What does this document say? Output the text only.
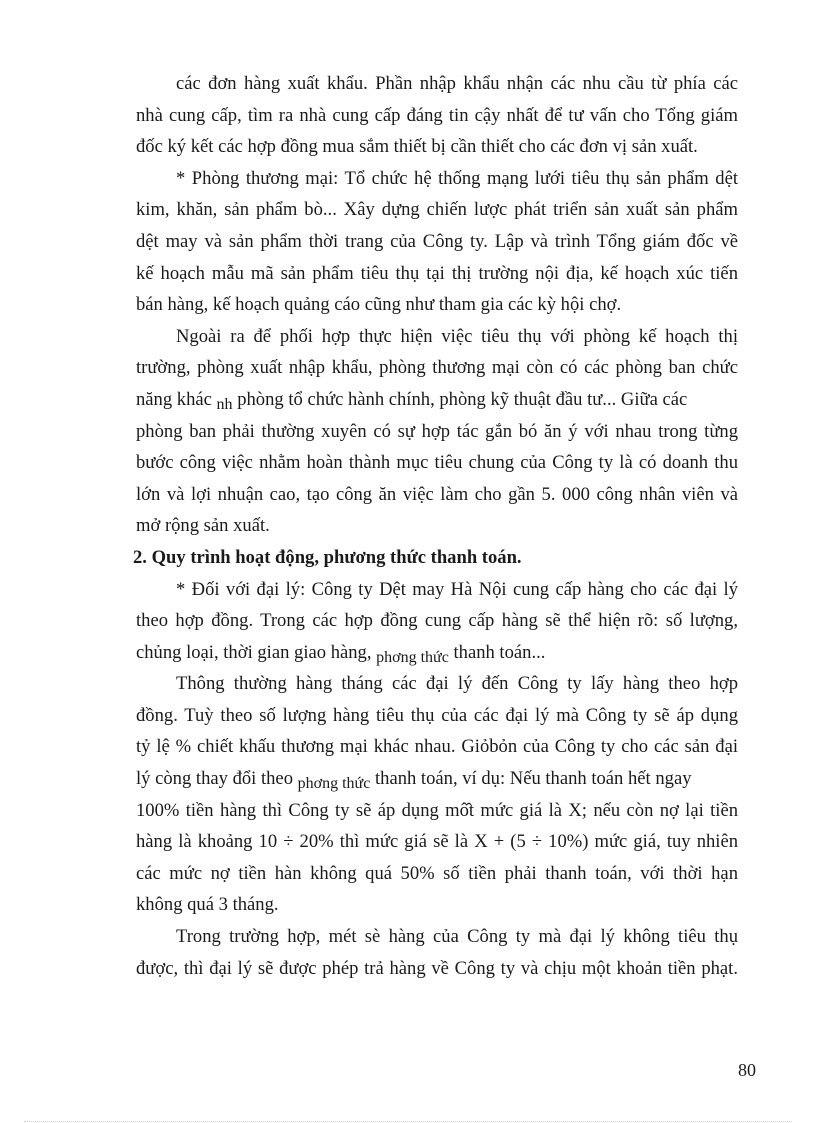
các đơn hàng xuất khẩu. Phần nhập khẩu nhận các nhu cầu từ phía các
nhà cung cấp, tìm ra nhà cung cấp đáng tin cậy nhất để tư vấn cho Tổng giám
đốc ký kết các hợp đồng mua sắm thiết bị cần thiết cho các đơn vị sản xuất.
* Phòng thương mại: Tổ chức hệ thống mạng lưới tiêu thụ sản phẩm dệt
kim, khăn, sản phẩm bò... Xây dựng chiến lược phát triển sản xuất sản phẩm
dệt may và sản phẩm thời trang của Công ty. Lập và trình Tổng giám đốc về
kế hoạch mẫu mã sản phẩm tiêu thụ tại thị trường nội địa, kế hoạch xúc tiến
bán hàng, kế hoạch quảng cáo cũng như tham gia các kỳ hội chợ.
Ngoài ra để phối hợp thực hiện việc tiêu thụ với phòng kế hoạch thị
trường, phòng xuất nhập khẩu, phòng thương mại còn có các phòng ban chức
năng khác nh phòng tổ chức hành chính, phòng kỹ thuật đầu tư... Giữa các
phòng ban phải thường xuyên có sự hợp tác gắn bó ăn ý với nhau trong từng
bước công việc nhằm hoàn thành mục tiêu chung của Công ty là có doanh thu
lớn và lợi nhuận cao, tạo công ăn việc làm cho gần 5. 000 công nhân viên và
mở rộng sản xuất.
2. Quy trình hoạt động, phương thức thanh toán.
* Đối với đại lý: Công ty Dệt may Hà Nội cung cấp hàng cho các đại lý
theo hợp đồng. Trong các hợp đồng cung cấp hàng sẽ thể hiện rõ: số lượng,
chủng loại, thời gian giao hàng, phơng thức thanh toán...
Thông thường hàng tháng các đại lý đến Công ty lấy hàng theo hợp
đồng. Tuỳ theo số lượng hàng tiêu thụ của các đại lý mà Công ty sẽ áp dụng
tỷ lệ % chiết khấu thương mại khác nhau. Giỏbỏn của Công ty cho các sản đại
lý còng thay đổi theo phơng thức thanh toán, ví dụ: Nếu thanh toán hết ngay
100% tiền hàng thì Công ty sẽ áp dụng mô̂t mức giá là X; nếu còn nợ lại tiền
hàng là khoảng 10 ÷ 20% thì mức giá sẽ là X + (5 ÷ 10%) mức giá, tuy nhiên
các mức nợ tiền hàn không quá 50% số tiền phải thanh toán, với thời hạn
không quá 3 tháng.
Trong trường hợp, mét sè hàng của Công ty mà đại lý không tiêu thụ
được, thì đại lý sẽ được phép trả hàng về Công ty và chịu một khoản tiền phạt.
80
